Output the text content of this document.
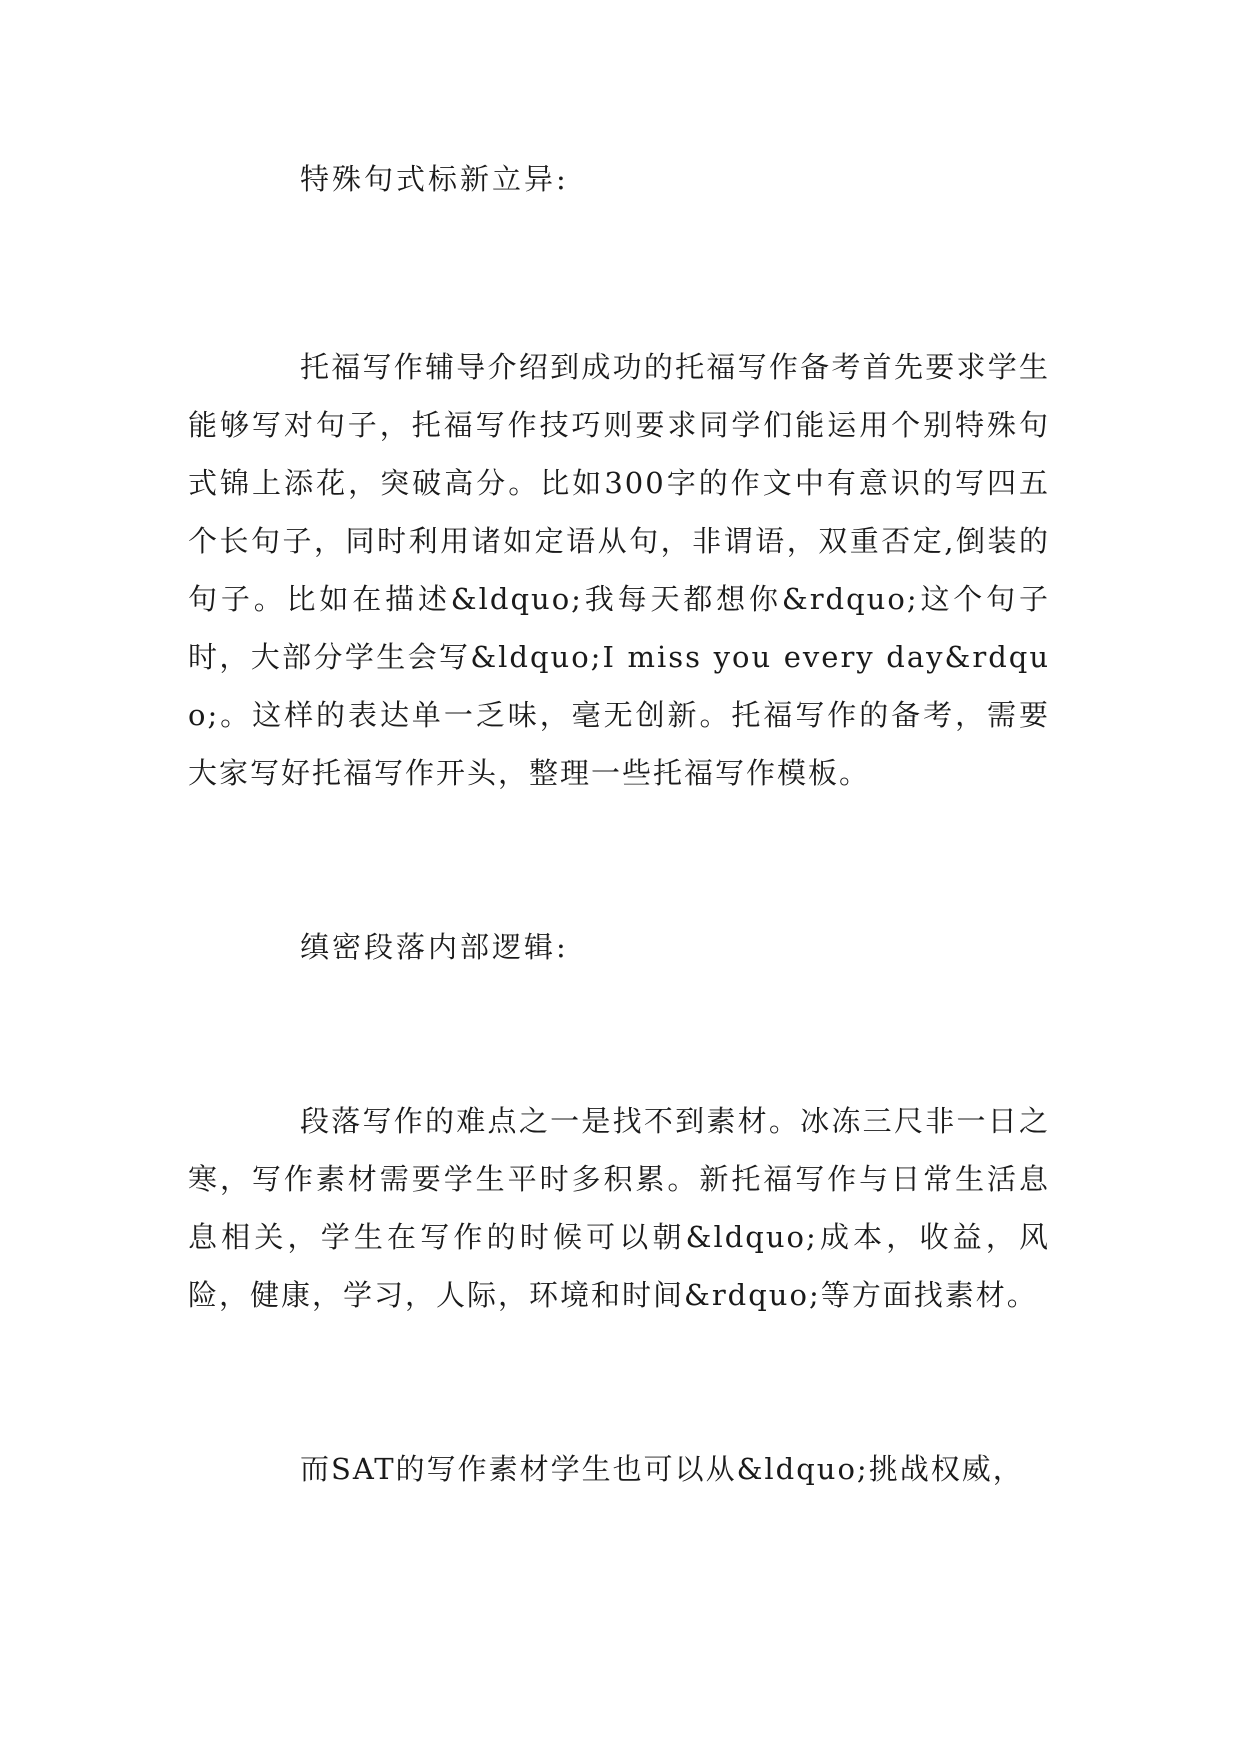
特殊句式标新立异:

托福写作辅导介绍到成功的托福写作备考首先要求学生能够写对句子，托福写作技巧则要求同学们能运用个别特殊句式锦上添花，突破高分。比如300字的作文中有意识的写四五个长句子，同时利用诸如定语从句，非谓语，双重否定,倒装的句子。比如在描述&ldquo;我每天都想你&rdquo;这个句子时，大部分学生会写&ldquo;I miss you every day&rdquo;。这样的表达单一乏味，毫无创新。托福写作的备考，需要大家写好托福写作开头，整理一些托福写作模板。

缜密段落内部逻辑:

段落写作的难点之一是找不到素材。冰冻三尺非一日之寒，写作素材需要学生平时多积累。新托福写作与日常生活息息相关，学生在写作的时候可以朝&ldquo;成本，收益，风险，健康，学习，人际，环境和时间&rdquo;等方面找素材。

而SAT的写作素材学生也可以从&ldquo;挑战权威，
